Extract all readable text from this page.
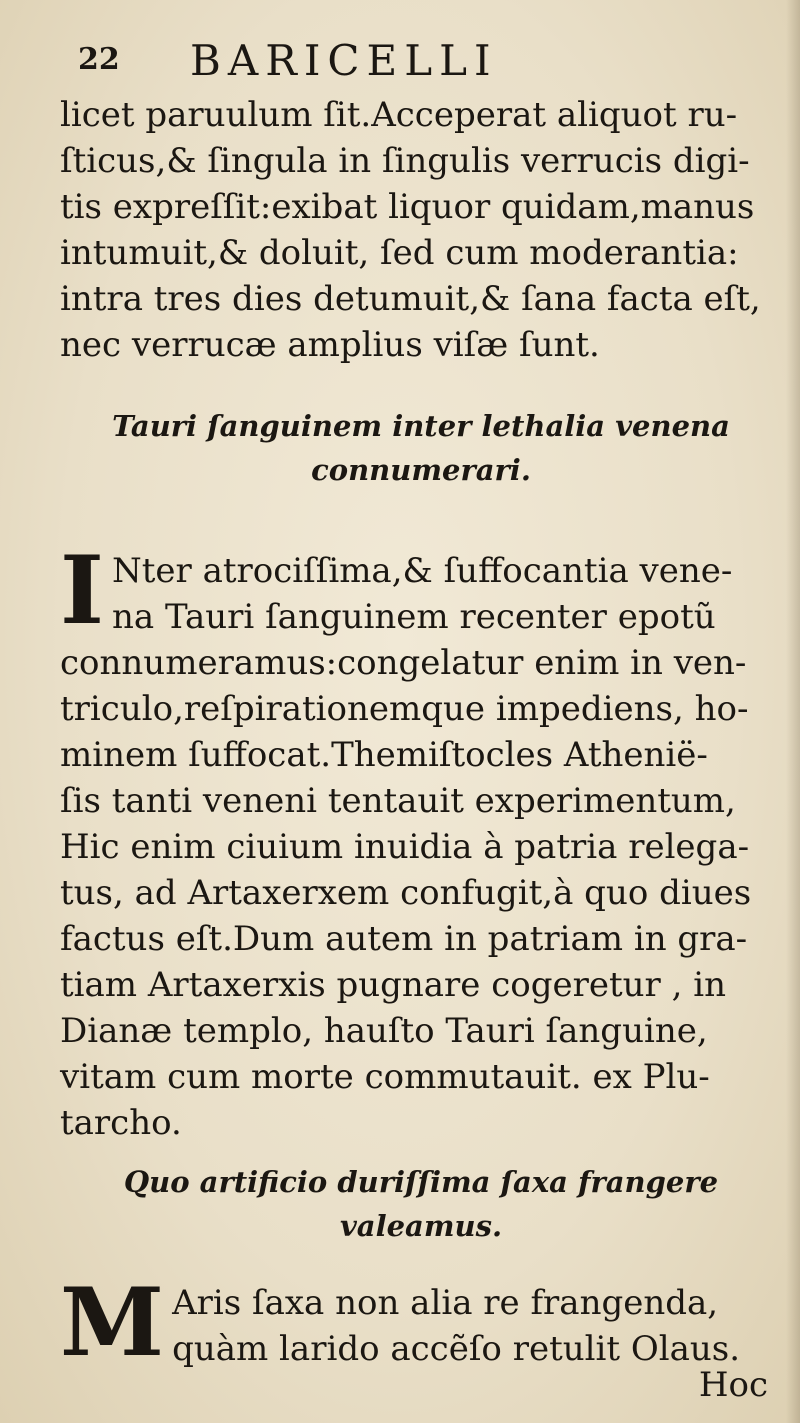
22 BARICELLI
licet paruulum ſit.Acceperat aliquot ru-
ſticus,& ſingula in ſingulis verrucis digi-
tis expreſſit:exibat liquor quidam,manus
intumuit,& doluit, ſed cum moderantia:
intra tres dies detumuit,& ſana facta eſt,
nec verrucæ amplius viſæ ſunt.
Tauri ſanguinem inter lethalia venena
connumerari.
I Nter atrociſſima,& ſuffocantia vene-
na Tauri ſanguinem recenter epotũ
connumeramus:congelatur enim in ven-
triculo,reſpirationemque impediens, ho-
minem ſuffocat.Themiſtocles Athenië-
ſis tanti veneni tentauit experimentum,
Hic enim ciuium inuidia à patria relega-
tus, ad Artaxerxem confugit,à quo diues
factus eſt.Dum autem in patriam in gra-
tiam Artaxerxis pugnare cogeretur , in
Dianæ templo, hauſto Tauri ſanguine,
vitam cum morte commutauit. ex Plu-
tarcho.
Quo artificio duriſſima ſaxa frangere
valeamus.
M Aris ſaxa non alia re frangenda,
quàm larido accẽſo retulit Olaus.
Hoc
